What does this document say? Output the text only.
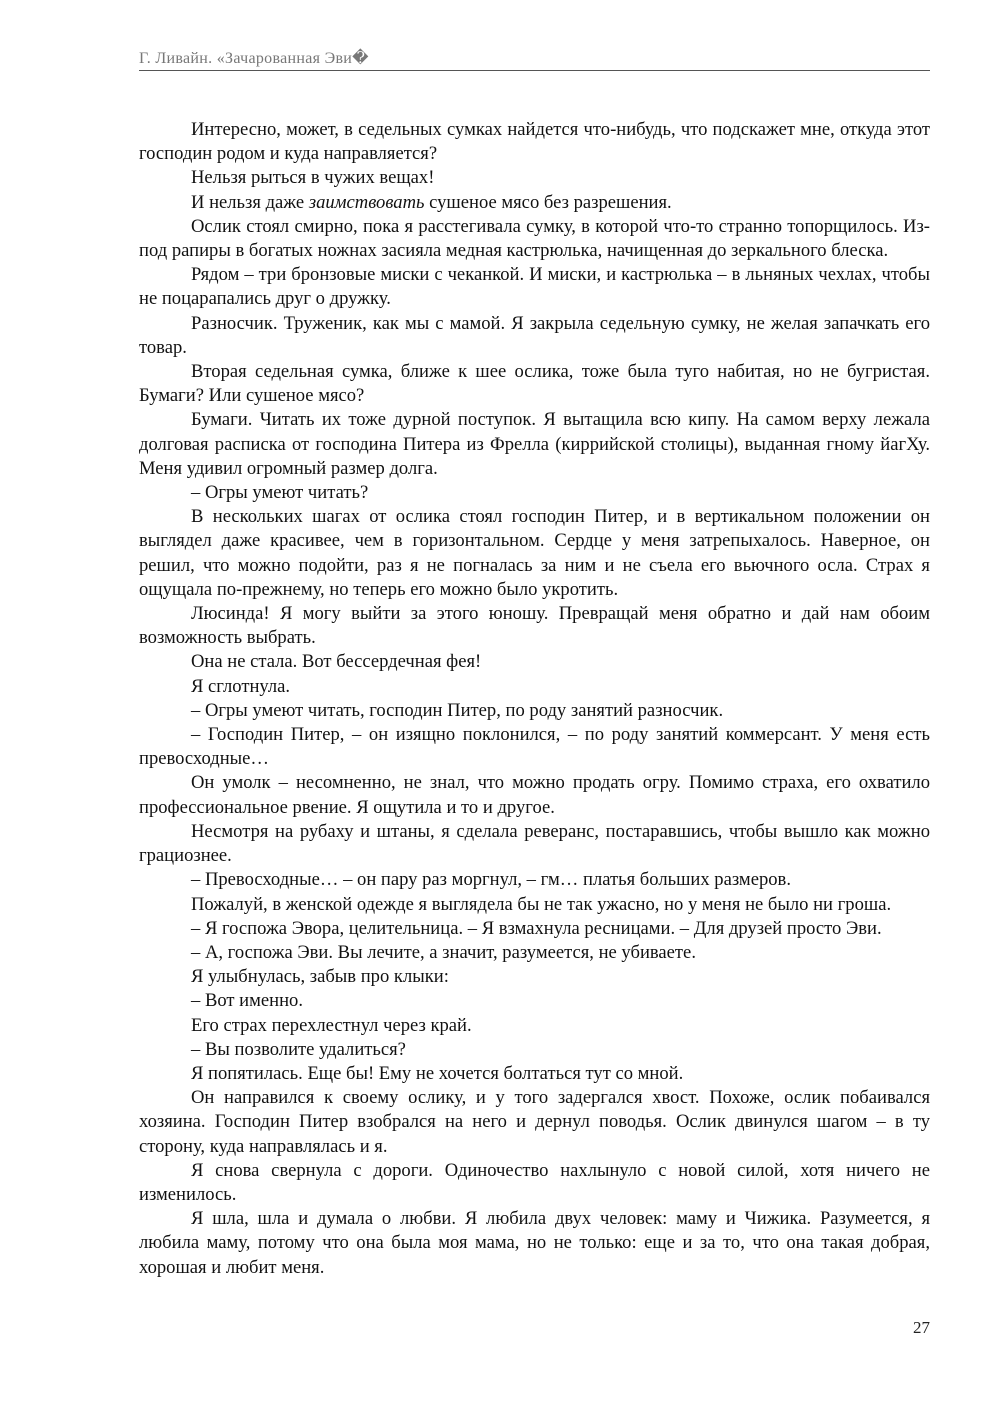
Г. Ливайн. «Зачарованная Эви�

Интересно, может, в седельных сумках найдется что-нибудь, что подскажет мне, откуда этот господин родом и куда направляется?

Нельзя рыться в чужих вещах!

И нельзя даже заимствовать сушеное мясо без разрешения.

Ослик стоял смирно, пока я расстегивала сумку, в которой что-то странно топорщилось. Из-под рапиры в богатых ножнах засияла медная кастрюлька, начищенная до зеркального блеска.

Рядом – три бронзовые миски с чеканкой. И миски, и кастрюлька – в льняных чехлах, чтобы не поцарапались друг о дружку.

Разносчик. Труженик, как мы с мамой. Я закрыла седельную сумку, не желая запачкать его товар.

Вторая седельная сумка, ближе к шее ослика, тоже была туго набитая, но не бугристая. Бумаги? Или сушеное мясо?

Бумаги. Читать их тоже дурной поступок. Я вытащила всю кипу. На самом верху лежала долговая расписка от господина Питера из Фрелла (киррийской столицы), выданная гному йагХу. Меня удивил огромный размер долга.

– Огры умеют читать?

В нескольких шагах от ослика стоял господин Питер, и в вертикальном положении он выглядел даже красивее, чем в горизонтальном. Сердце у меня затрепыхалось. Наверное, он решил, что можно подойти, раз я не погналась за ним и не съела его вьючного осла. Страх я ощущала по-прежнему, но теперь его можно было укротить.

Люсинда! Я могу выйти за этого юношу. Превращай меня обратно и дай нам обоим возможность выбрать.

Она не стала. Вот бессердечная фея!

Я сглотнула.

– Огры умеют читать, господин Питер, по роду занятий разносчик.

– Господин Питер, – он изящно поклонился, – по роду занятий коммерсант. У меня есть превосходные…

Он умолк – несомненно, не знал, что можно продать огру. Помимо страха, его охватило профессиональное рвение. Я ощутила и то и другое.

Несмотря на рубаху и штаны, я сделала реверанс, постаравшись, чтобы вышло как можно грациознее.

– Превосходные… – он пару раз моргнул, – гм… платья больших размеров.

Пожалуй, в женской одежде я выглядела бы не так ужасно, но у меня не было ни гроша.

– Я госпожа Эвора, целительница. – Я взмахнула ресницами. – Для друзей просто Эви.

– А, госпожа Эви. Вы лечите, а значит, разумеется, не убиваете.

Я улыбнулась, забыв про клыки:

– Вот именно.

Его страх перехлестнул через край.

– Вы позволите удалиться?

Я попятилась. Еще бы! Ему не хочется болтаться тут со мной.

Он направился к своему ослику, и у того задергался хвост. Похоже, ослик побаивался хозяина. Господин Питер взобрался на него и дернул поводья. Ослик двинулся шагом – в ту сторону, куда направлялась и я.

Я снова свернула с дороги. Одиночество нахлынуло с новой силой, хотя ничего не изменилось.

Я шла, шла и думала о любви. Я любила двух человек: маму и Чижика. Разумеется, я любила маму, потому что она была моя мама, но не только: еще и за то, что она такая добрая, хорошая и любит меня.

27
